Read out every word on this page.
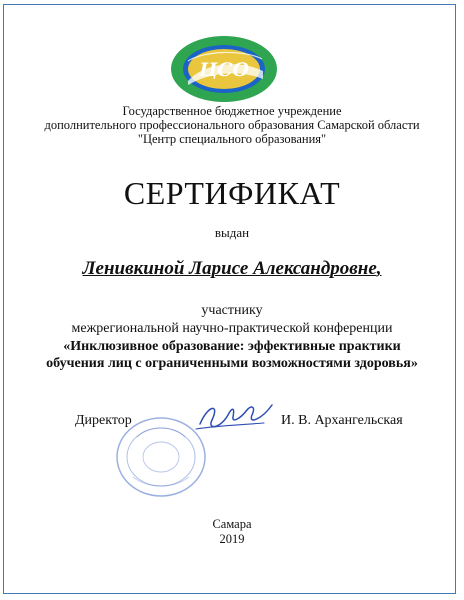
ЦСО
Государственное бюджетное учреждение
дополнительного профессионального образования Самарской области
"Центр специального образования"
СЕРТИФИКАТ
выдан
Ленивкиной Ларисе Александровне,
участнику
межрегиональной научно-практической конференции
«Инклюзивное образование: эффективные практики
обучения лиц с ограниченными возможностями здоровья»
Директор	И. В. Архангельская
Самара
2019
